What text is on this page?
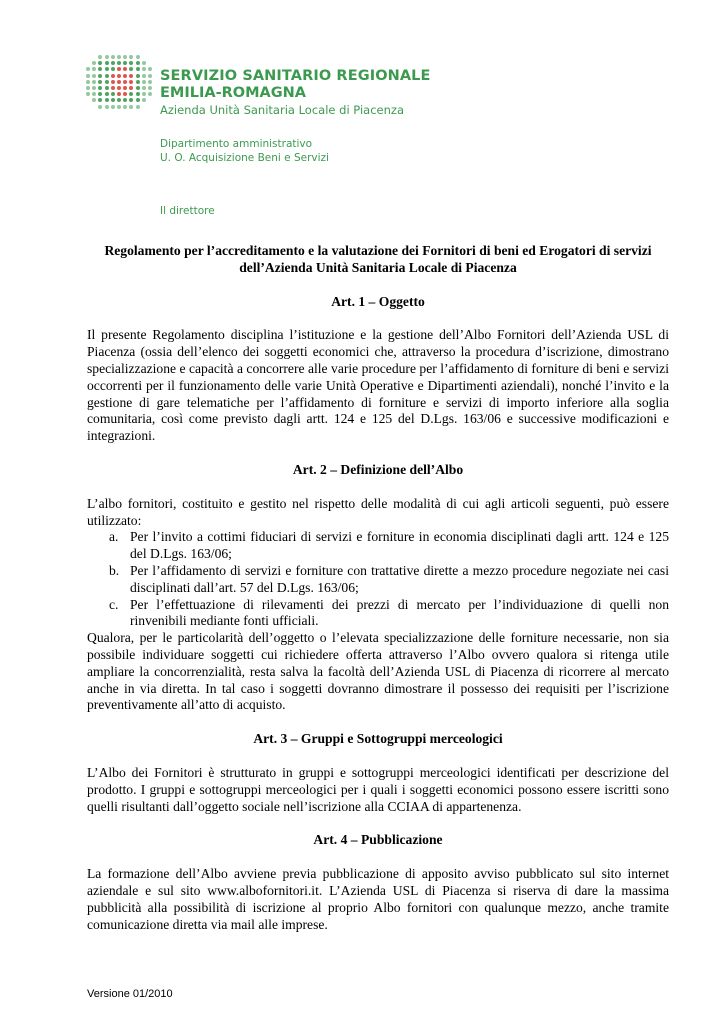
SERVIZIO SANITARIO REGIONALE
EMILIA-ROMAGNA
Azienda Unità Sanitaria Locale di Piacenza
Dipartimento amministrativo
U. O. Acquisizione Beni e Servizi
Il direttore

Regolamento per l’accreditamento e la valutazione dei Fornitori di beni ed Erogatori di servizi dell’Azienda Unità Sanitaria Locale di Piacenza

Art. 1 – Oggetto

Il presente Regolamento disciplina l’istituzione e la gestione dell’Albo Fornitori dell’Azienda USL di Piacenza (ossia dell’elenco dei soggetti economici che, attraverso la procedura d’iscrizione, dimostrano specializzazione e capacità a concorrere alle varie procedure per l’affidamento di forniture di beni e servizi occorrenti per il funzionamento delle varie Unità Operative e Dipartimenti aziendali), nonché l’invito e la gestione di gare telematiche per l’affidamento di forniture e servizi di importo inferiore alla soglia comunitaria, così come previsto dagli artt. 124 e 125 del D.Lgs. 163/06 e successive modificazioni e integrazioni.

Art. 2 – Definizione dell’Albo

L’albo fornitori, costituito e gestito nel rispetto delle modalità di cui agli articoli seguenti, può essere utilizzato:

a. Per l’invito a cottimi fiduciari di servizi e forniture in economia disciplinati dagli artt. 124 e 125 del D.Lgs. 163/06;
b. Per l’affidamento di servizi e forniture con trattative dirette a mezzo procedure negoziate nei casi disciplinati dall’art. 57 del D.Lgs. 163/06;
c. Per l’effettuazione di rilevamenti dei prezzi di mercato per l’individuazione di quelli non rinvenibili mediante fonti ufficiali.

Qualora, per le particolarità dell’oggetto o l’elevata specializzazione delle forniture necessarie, non sia possibile individuare soggetti cui richiedere offerta attraverso l’Albo ovvero qualora si ritenga utile ampliare la concorrenzialità, resta salva la facoltà dell’Azienda USL di Piacenza di ricorrere al mercato anche in via diretta. In tal caso i soggetti dovranno dimostrare il possesso dei requisiti per l’iscrizione preventivamente all’atto di acquisto.

Art. 3 – Gruppi e Sottogruppi merceologici

L’Albo dei Fornitori è strutturato in gruppi e sottogruppi merceologici identificati per descrizione del prodotto. I gruppi e sottogruppi merceologici per i quali i soggetti economici possono essere iscritti sono quelli risultanti dall’oggetto sociale nell’iscrizione alla CCIAA di appartenenza.

Art. 4 – Pubblicazione

La formazione dell’Albo avviene previa pubblicazione di apposito avviso pubblicato sul sito internet aziendale e sul sito www.albofornitori.it. L’Azienda USL di Piacenza si riserva di dare la massima pubblicità alla possibilità di iscrizione al proprio Albo fornitori con qualunque mezzo, anche tramite comunicazione diretta via mail alle imprese.

Versione 01/2010
